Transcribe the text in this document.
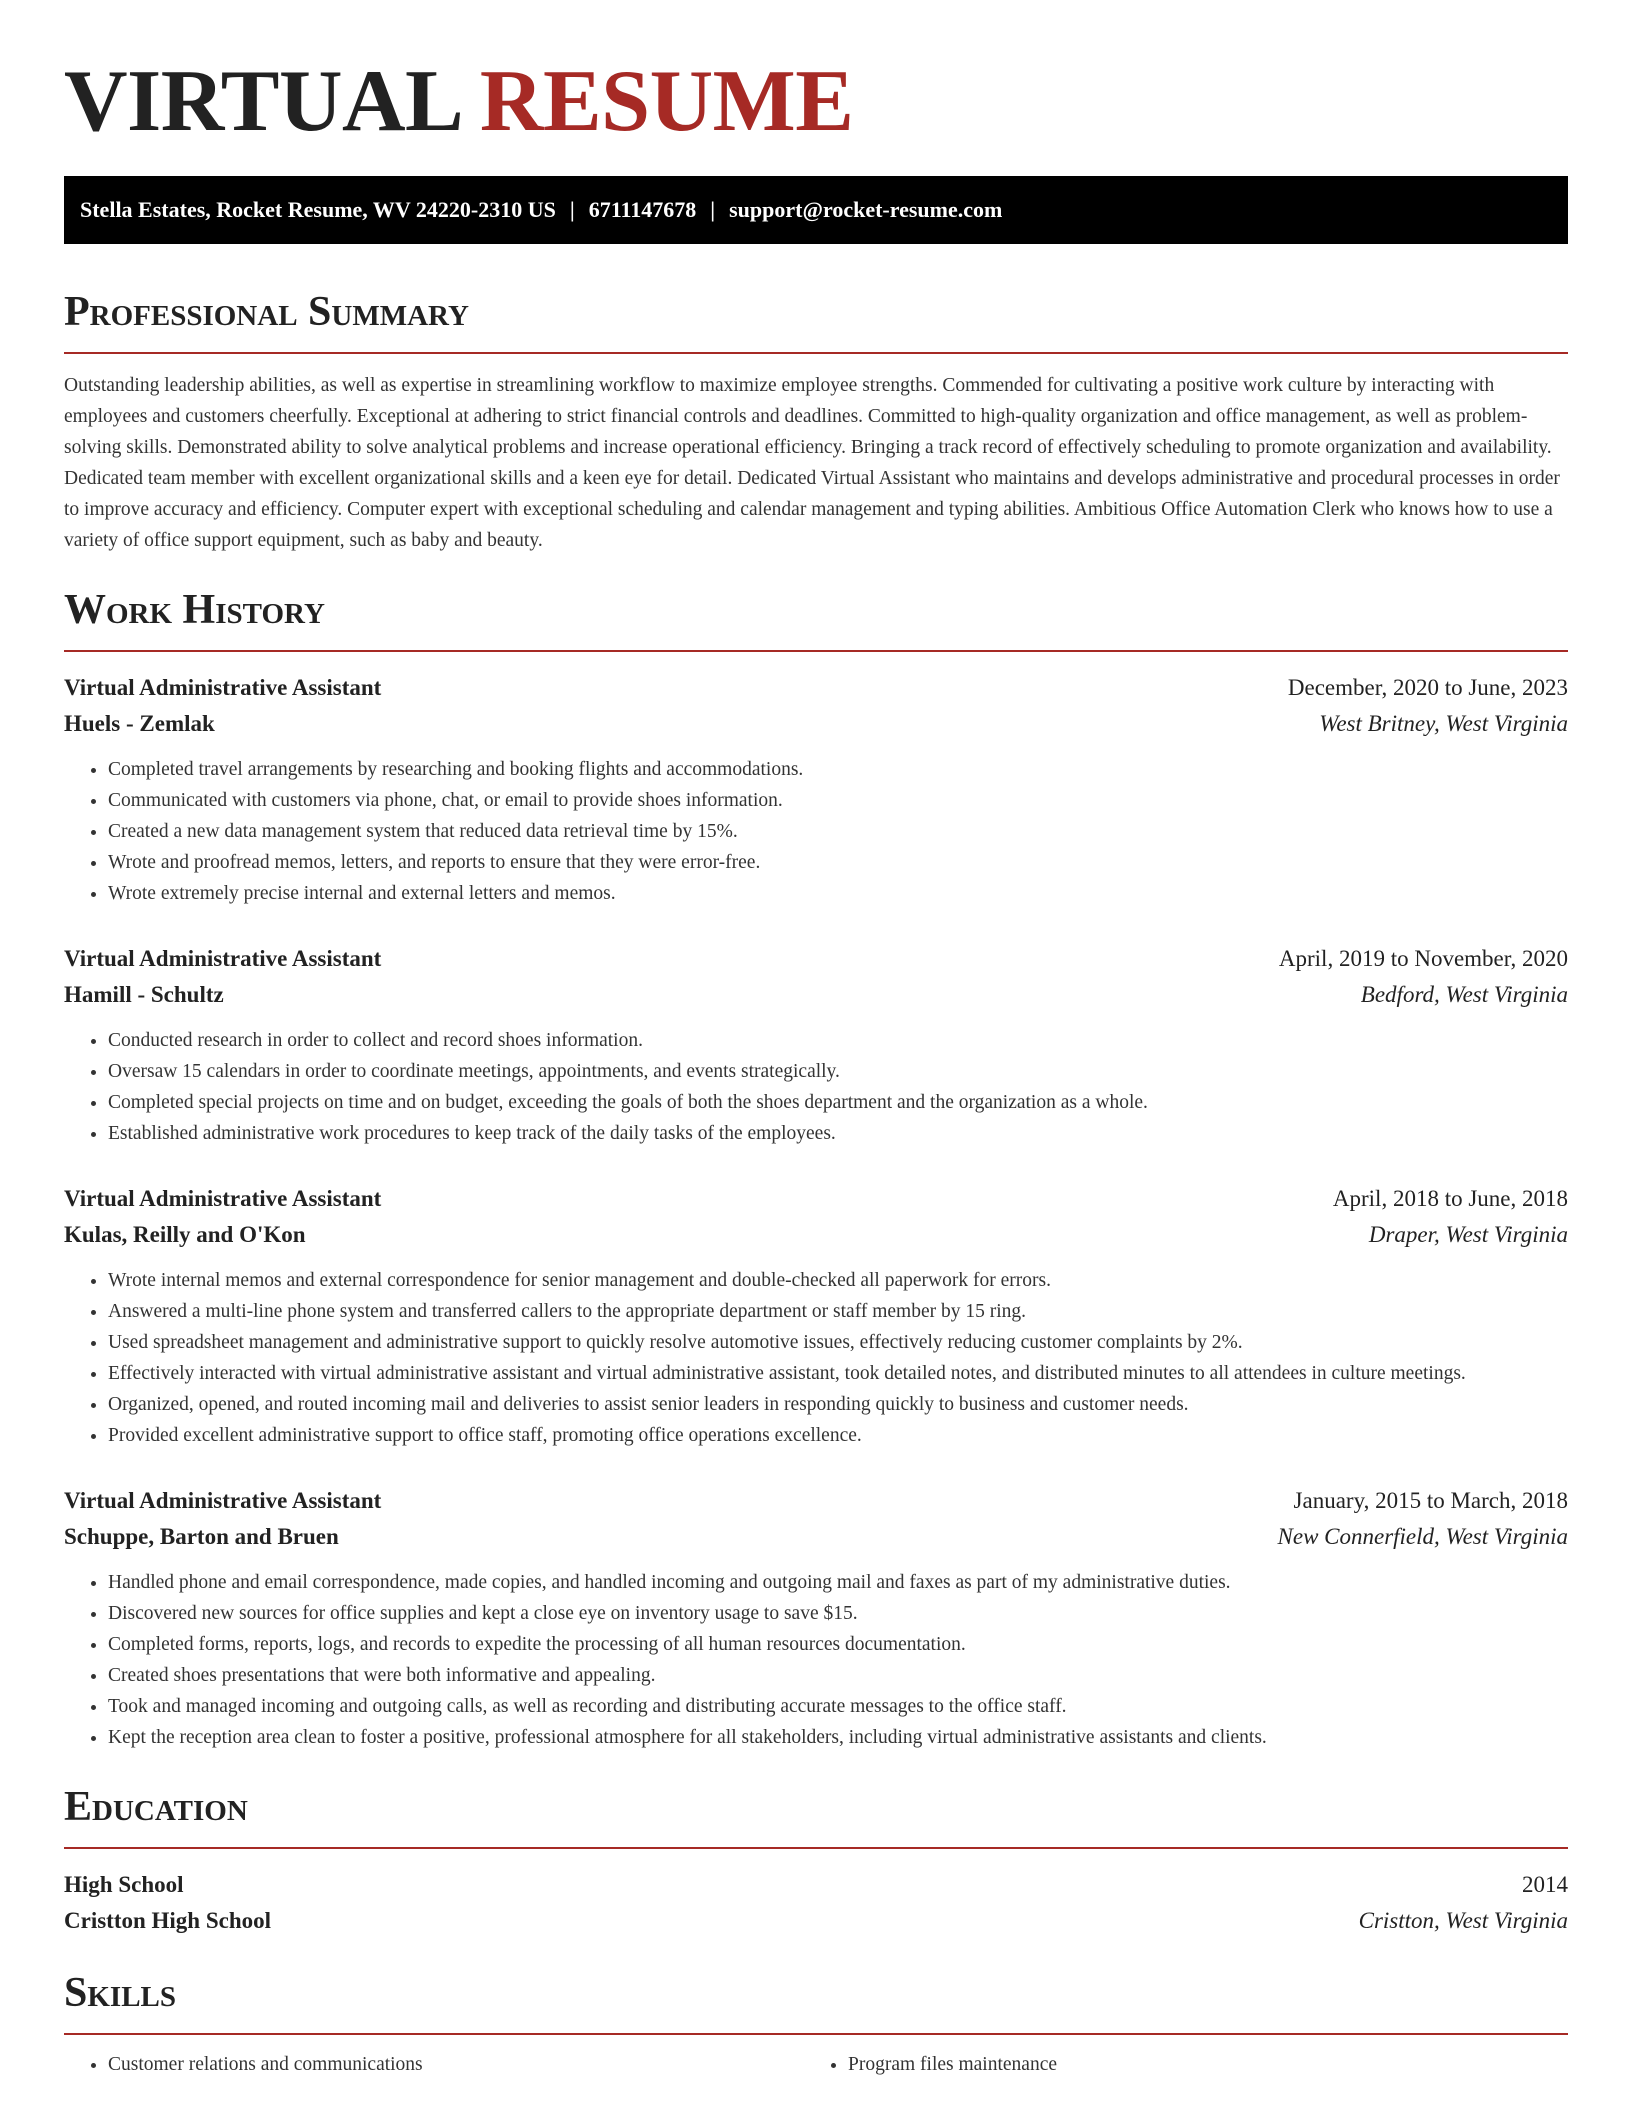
VIRTUAL RESUME
Stella Estates, Rocket Resume, WV 24220-2310 US | 6711147678 | support@rocket-resume.com
Professional Summary

Outstanding leadership abilities, as well as expertise in streamlining workflow to maximize employee strengths. Commended for cultivating a positive work culture by interacting with employees and customers cheerfully. Exceptional at adhering to strict financial controls and deadlines. Committed to high-quality organization and office management, as well as problem-solving skills. Demonstrated ability to solve analytical problems and increase operational efficiency. Bringing a track record of effectively scheduling to promote organization and availability. Dedicated team member with excellent organizational skills and a keen eye for detail. Dedicated Virtual Assistant who maintains and develops administrative and procedural processes in order to improve accuracy and efficiency. Computer expert with exceptional scheduling and calendar management and typing abilities. Ambitious Office Automation Clerk who knows how to use a variety of office support equipment, such as baby and beauty.

Work History
Virtual Administrative Assistant	December, 2020 to June, 2023
Huels - Zemlak	West Britney, West Virginia
• Completed travel arrangements by researching and booking flights and accommodations.
• Communicated with customers via phone, chat, or email to provide shoes information.
• Created a new data management system that reduced data retrieval time by 15%.
• Wrote and proofread memos, letters, and reports to ensure that they were error-free.
• Wrote extremely precise internal and external letters and memos.
Virtual Administrative Assistant	April, 2019 to November, 2020
Hamill - Schultz	Bedford, West Virginia
• Conducted research in order to collect and record shoes information.
• Oversaw 15 calendars in order to coordinate meetings, appointments, and events strategically.
• Completed special projects on time and on budget, exceeding the goals of both the shoes department and the organization as a whole.
• Established administrative work procedures to keep track of the daily tasks of the employees.
Virtual Administrative Assistant	April, 2018 to June, 2018
Kulas, Reilly and O'Kon	Draper, West Virginia
• Wrote internal memos and external correspondence for senior management and double-checked all paperwork for errors.
• Answered a multi-line phone system and transferred callers to the appropriate department or staff member by 15 ring.
• Used spreadsheet management and administrative support to quickly resolve automotive issues, effectively reducing customer complaints by 2%.
• Effectively interacted with virtual administrative assistant and virtual administrative assistant, took detailed notes, and distributed minutes to all attendees in culture meetings.
• Organized, opened, and routed incoming mail and deliveries to assist senior leaders in responding quickly to business and customer needs.
• Provided excellent administrative support to office staff, promoting office operations excellence.
Virtual Administrative Assistant	January, 2015 to March, 2018
Schuppe, Barton and Bruen	New Connerfield, West Virginia
• Handled phone and email correspondence, made copies, and handled incoming and outgoing mail and faxes as part of my administrative duties.
• Discovered new sources for office supplies and kept a close eye on inventory usage to save $15.
• Completed forms, reports, logs, and records to expedite the processing of all human resources documentation.
• Created shoes presentations that were both informative and appealing.
• Took and managed incoming and outgoing calls, as well as recording and distributing accurate messages to the office staff.
• Kept the reception area clean to foster a positive, professional atmosphere for all stakeholders, including virtual administrative assistants and clients.
Education
High School	2014
Cristton High School	Cristton, West Virginia
Skills
• Customer relations and communications
•	Program files maintenance
